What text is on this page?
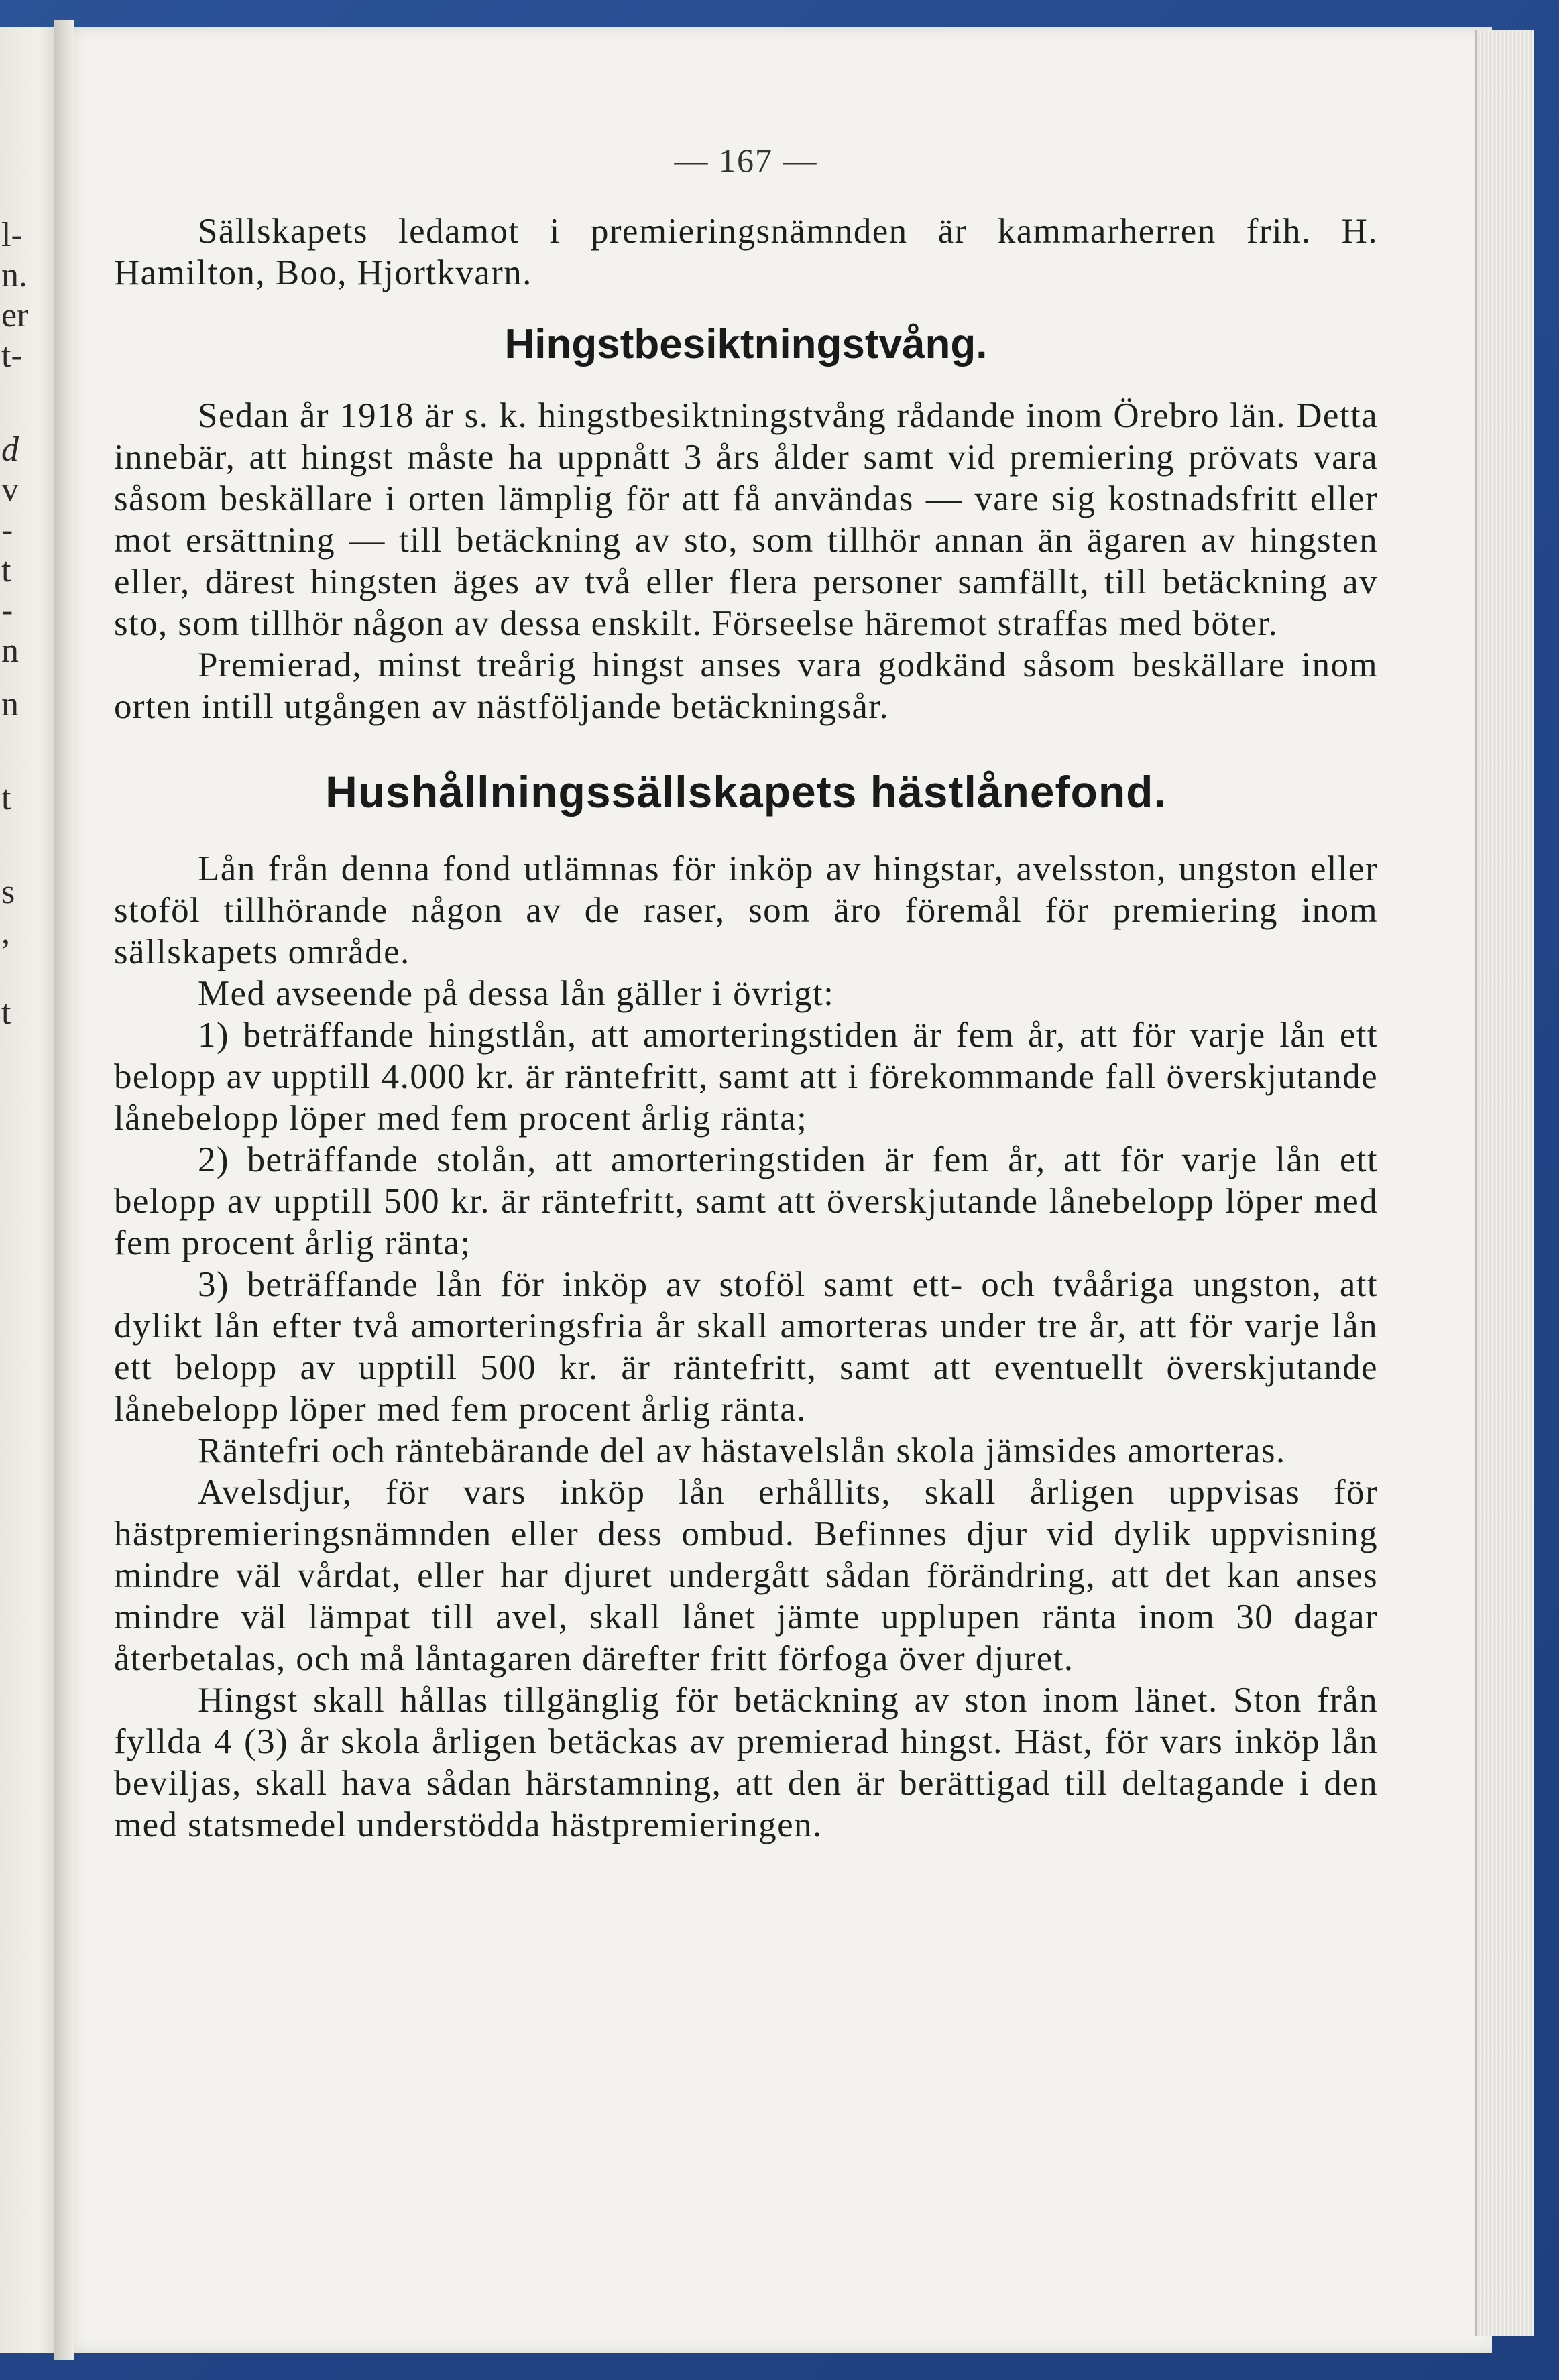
l-
n.
er
t-
d
v
-
t
-
n
n
t
s
,
t
— 167 —

Sällskapets ledamot i premieringsnämnden är kammarherren frih. H. Hamilton, Boo, Hjortkvarn.

Hingstbesiktningstvång.

Sedan år 1918 är s. k. hingstbesiktningstvång rådande inom Örebro län. Detta innebär, att hingst måste ha uppnått 3 års ålder samt vid premiering prövats vara såsom beskällare i orten lämplig för att få användas — vare sig kostnadsfritt eller mot ersättning — till betäckning av sto, som tillhör annan än ägaren av hingsten eller, därest hingsten äges av två eller flera personer samfällt, till betäckning av sto, som tillhör någon av dessa enskilt. Förseelse häremot straffas med böter.

Premierad, minst treårig hingst anses vara godkänd såsom beskällare inom orten intill utgången av nästföljande betäckningsår.

Hushållningssällskapets hästlånefond.

Lån från denna fond utlämnas för inköp av hingstar, avelsston, ungston eller stoföl tillhörande någon av de raser, som äro föremål för premiering inom sällskapets område.

Med avseende på dessa lån gäller i övrigt:

1) beträffande hingstlån, att amorteringstiden är fem år, att för varje lån ett belopp av upptill 4.000 kr. är räntefritt, samt att i förekommande fall överskjutande lånebelopp löper med fem procent årlig ränta;

2) beträffande stolån, att amorteringstiden är fem år, att för varje lån ett belopp av upptill 500 kr. är räntefritt, samt att överskjutande lånebelopp löper med fem procent årlig ränta;

3) beträffande lån för inköp av stoföl samt ett- och tvååriga ungston, att dylikt lån efter två amorteringsfria år skall amorteras under tre år, att för varje lån ett belopp av upptill 500 kr. är räntefritt, samt att eventuellt överskjutande lånebelopp löper med fem procent årlig ränta.

Räntefri och räntebärande del av hästavelslån skola jämsides amorteras.

Avelsdjur, för vars inköp lån erhållits, skall årligen uppvisas för hästpremieringsnämnden eller dess ombud. Befinnes djur vid dylik uppvisning mindre väl vårdat, eller har djuret undergått sådan förändring, att det kan anses mindre väl lämpat till avel, skall lånet jämte upplupen ränta inom 30 dagar återbetalas, och må låntagaren därefter fritt förfoga över djuret.

Hingst skall hållas tillgänglig för betäckning av ston inom länet. Ston från fyllda 4 (3) år skola årligen betäckas av premierad hingst. Häst, för vars inköp lån beviljas, skall hava sådan härstamning, att den är berättigad till deltagande i den med statsmedel understödda hästpremieringen.
